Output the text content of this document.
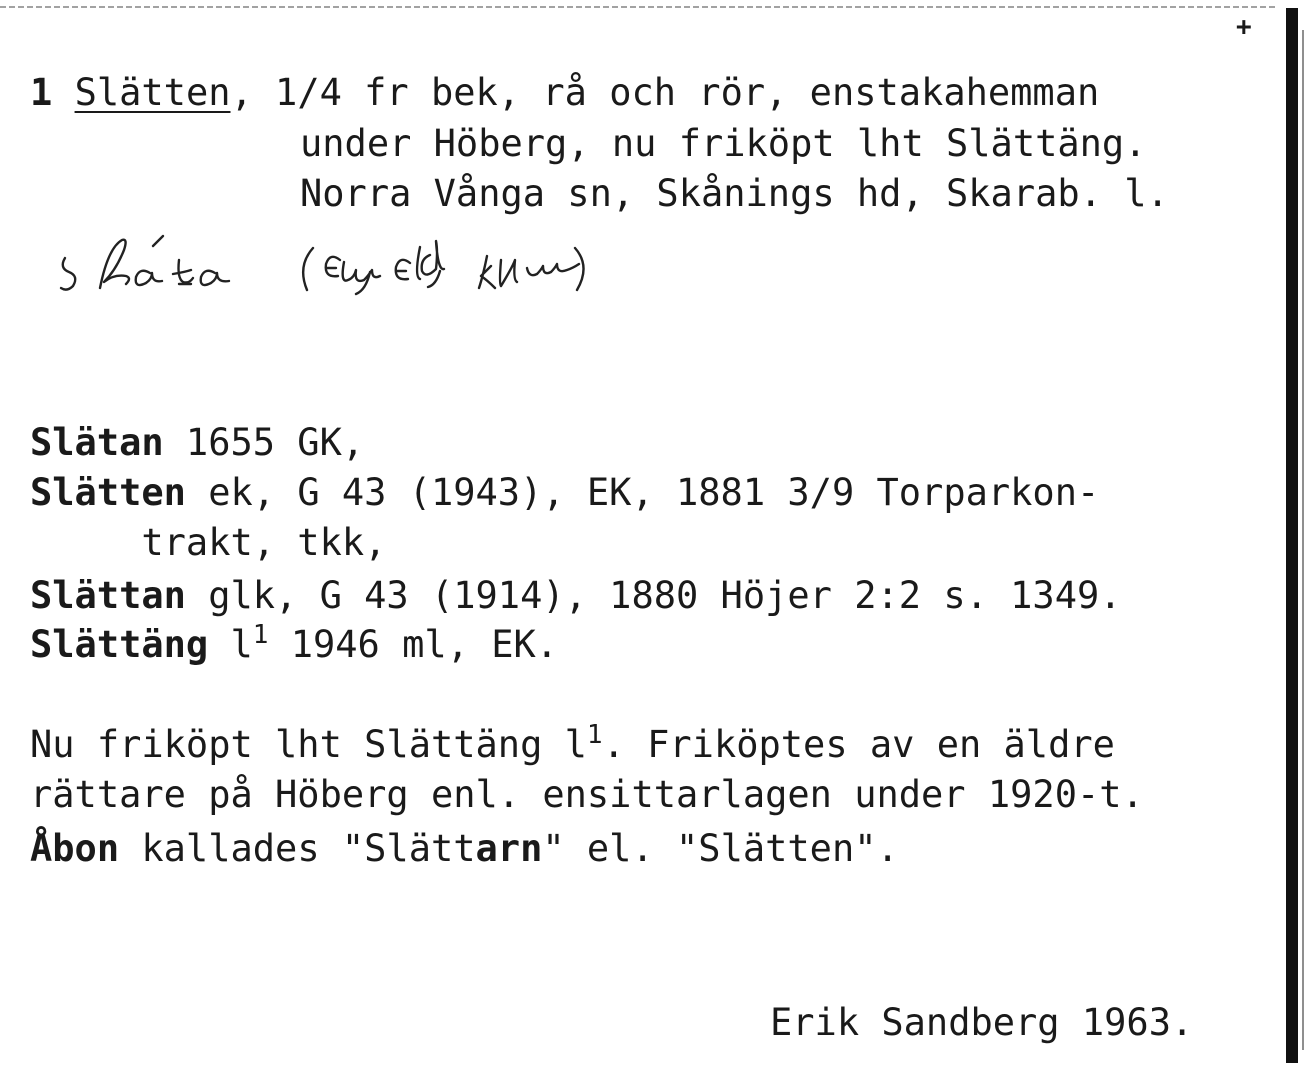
+
1 Slätten, 1/4 fr bek, rå och rör, enstakahemman
under Höberg, nu friköpt lht Slättäng.
Norra Vånga sn, Skånings hd, Skarab. l.
Slätan 1655 GK,
Slätten ek, G 43 (1943), EK, 1881 3/9 Torparkon-
trakt, tkk,
Slättan glk, G 43 (1914), 1880 Höjer 2:2 s. 1349.
Slättäng $l^1$ 1946 ml, EK.
Nu friköpt lht Slättäng $l^1$. Friköptes av en äldre
rättare på Höberg enl. ensittarlagen under 1920-t.
Åbon kallades "Slättarn" el. "Slätten".
Erik Sandberg 1963.
